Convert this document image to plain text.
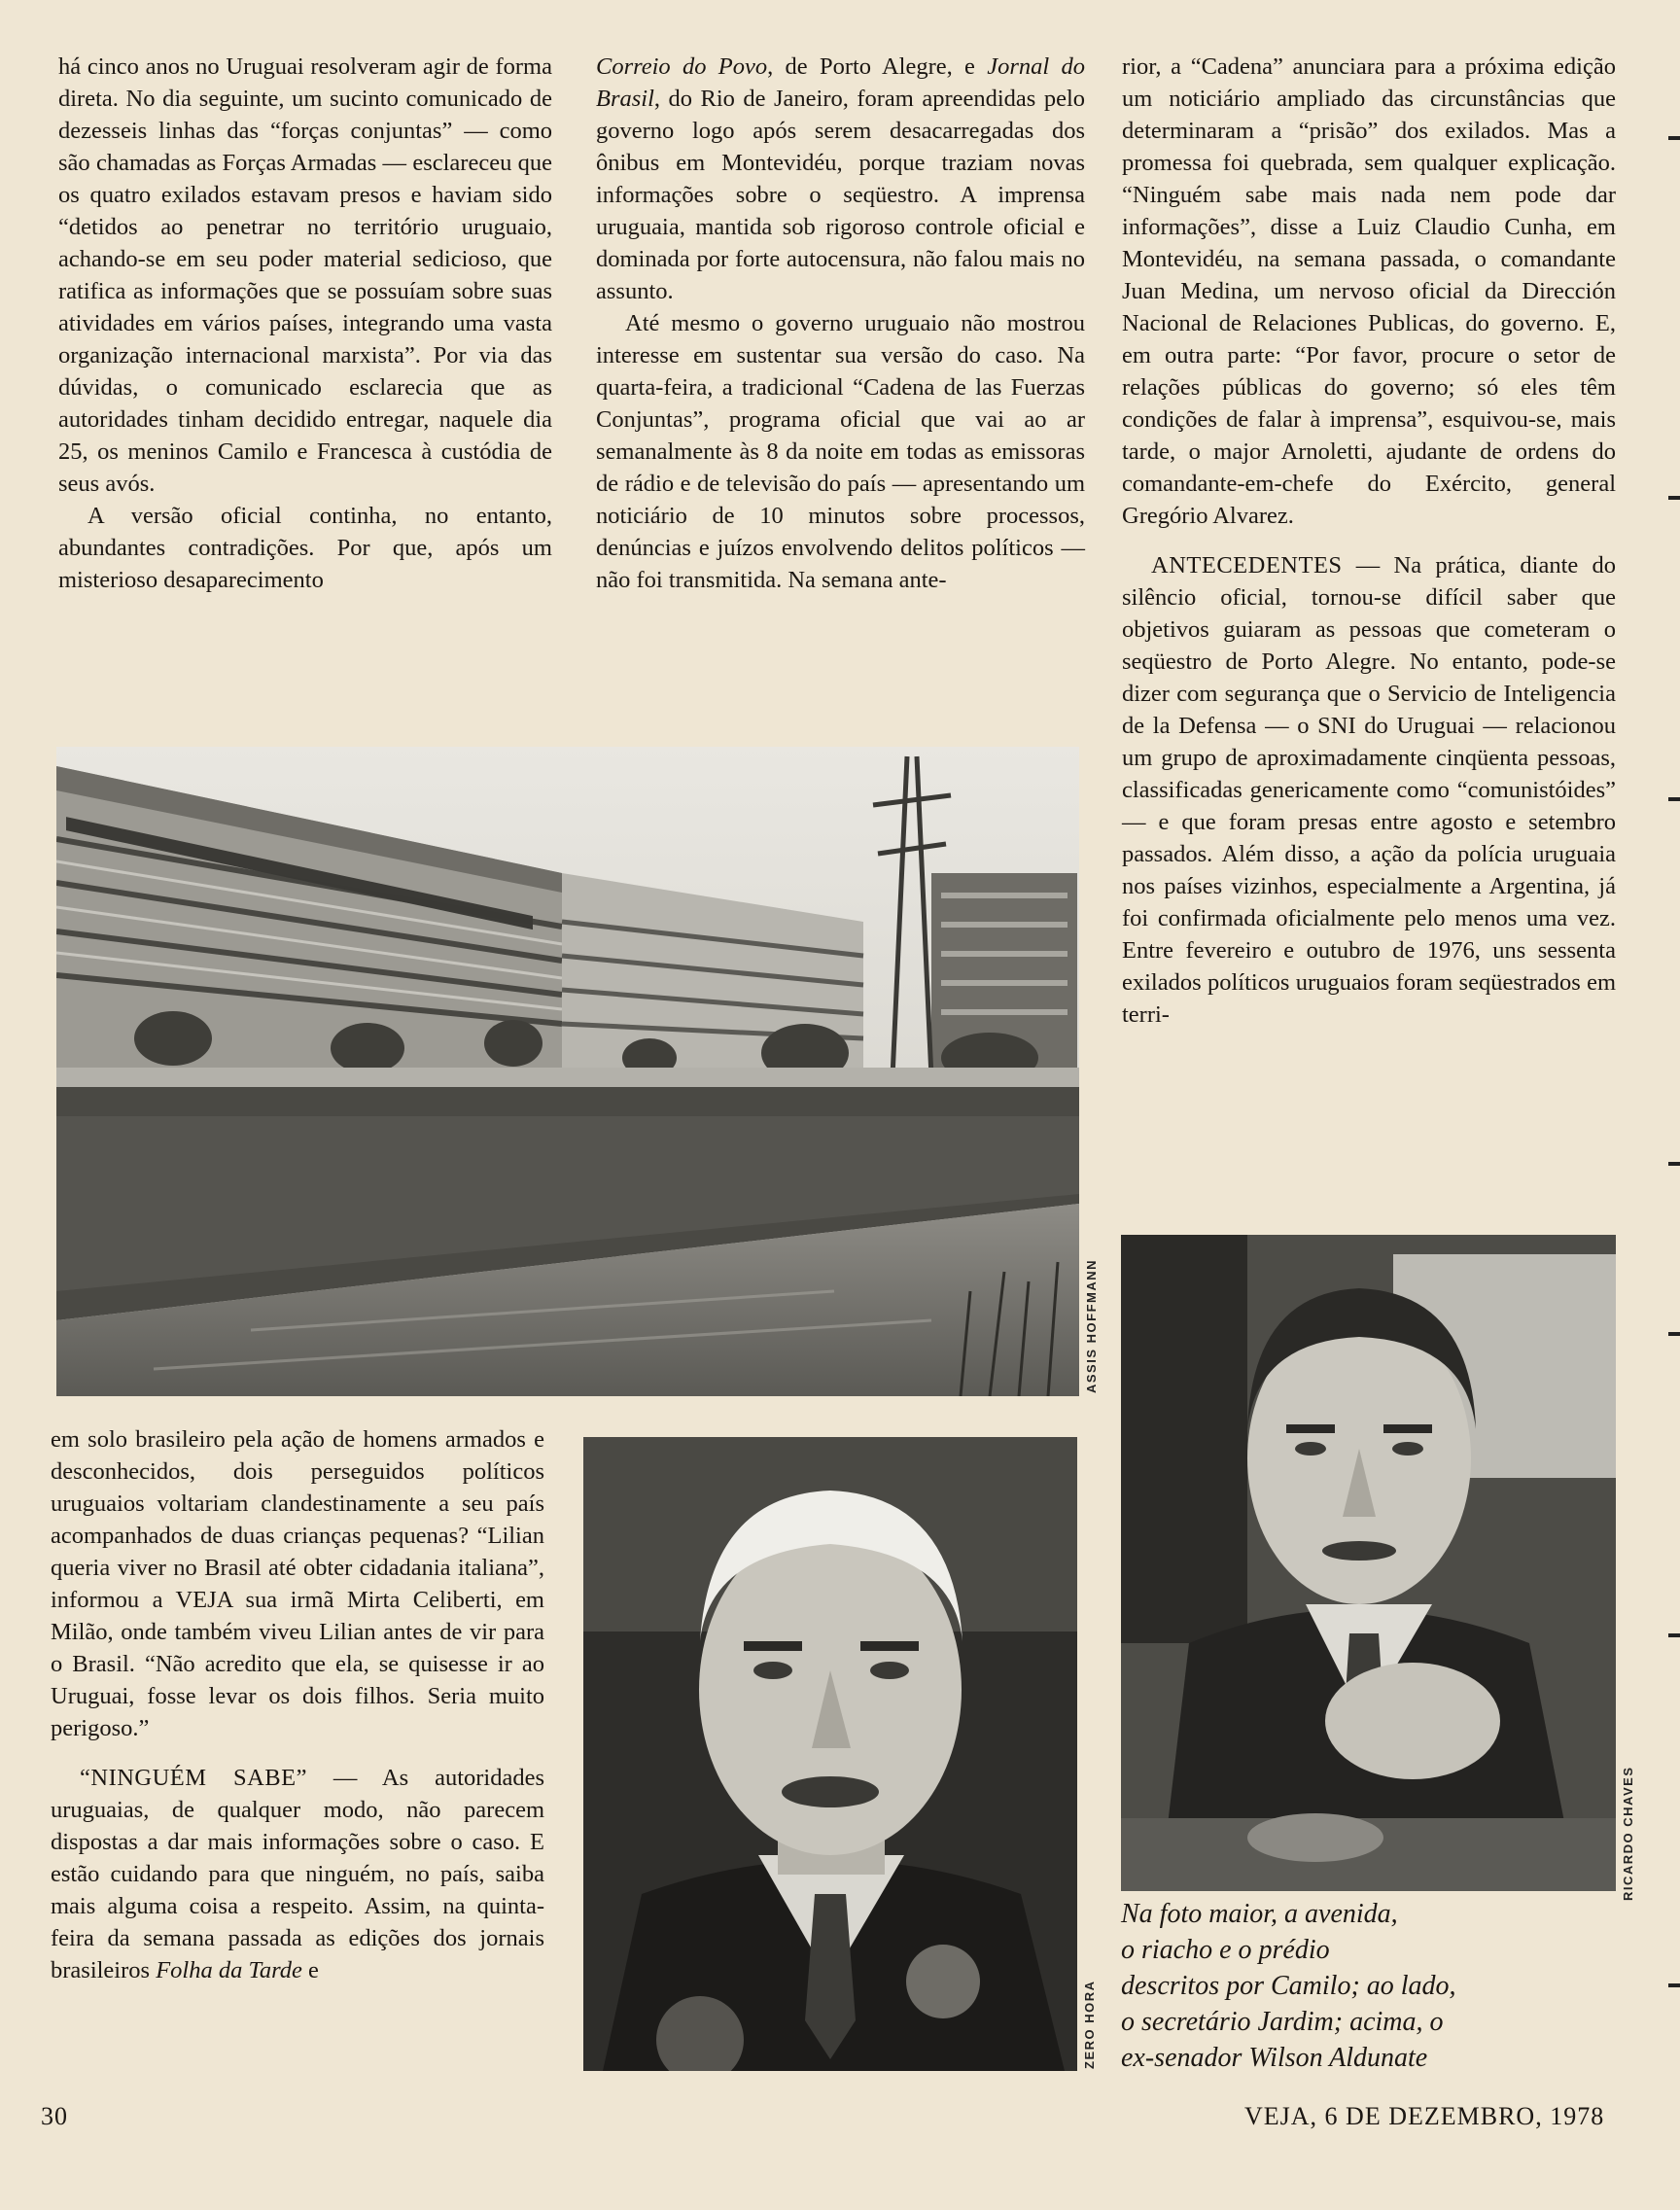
há cinco anos no Uruguai resolveram agir de forma direta. No dia seguinte, um sucinto comunicado de dezesseis linhas das “forças conjuntas” — como são chamadas as Forças Armadas — esclareceu que os quatro exilados estavam presos e haviam sido “detidos ao penetrar no território uruguaio, achando-se em seu poder material sedicioso, que ratifica as informações que se possuíam sobre suas atividades em vários países, integrando uma vasta organização internacional marxista”. Por via das dúvidas, o comunicado esclarecia que as autoridades tinham decidido entregar, naquele dia 25, os meninos Camilo e Francesca à custódia de seus avós.

A versão oficial continha, no entanto, abundantes contradições. Por que, após um misterioso desaparecimento

Correio do Povo, de Porto Alegre, e Jornal do Brasil, do Rio de Janeiro, foram apreendidas pelo governo logo após serem desacarregadas dos ônibus em Montevidéu, porque traziam novas informações sobre o seqüestro. A imprensa uruguaia, mantida sob rigoroso controle oficial e dominada por forte autocensura, não falou mais no assunto.

Até mesmo o governo uruguaio não mostrou interesse em sustentar sua versão do caso. Na quarta-feira, a tradicional “Cadena de las Fuerzas Conjuntas”, programa oficial que vai ao ar semanalmente às 8 da noite em todas as emissoras de rádio e de televisão do país — apresentando um noticiário de 10 minutos sobre processos, denúncias e juízos envolvendo delitos políticos — não foi transmitida. Na semana ante-

rior, a “Cadena” anunciara para a próxima edição um noticiário ampliado das circunstâncias que determinaram a “prisão” dos exilados. Mas a promessa foi quebrada, sem qualquer explicação. “Ninguém sabe mais nada nem pode dar informações”, disse a Luiz Claudio Cunha, em Montevidéu, na semana passada, o comandante Juan Medina, um nervoso oficial da Dirección Nacional de Relaciones Publicas, do governo. E, em outra parte: “Por favor, procure o setor de relações públicas do governo; só eles têm condições de falar à imprensa”, esquivou-se, mais tarde, o major Arnoletti, ajudante de ordens do comandante-em-chefe do Exército, general Gregório Alvarez.

ANTECEDENTES — Na prática, diante do silêncio oficial, tornou-se difícil saber que objetivos guiaram as pessoas que cometeram o seqüestro de Porto Alegre. No entanto, pode-se dizer com segurança que o Servicio de Inteligencia de la Defensa — o SNI do Uruguai — relacionou um grupo de aproximadamente cinqüenta pessoas, classificadas genericamente como “comunistóides” — e que foram presas entre agosto e setembro passados. Além disso, a ação da polícia uruguaia nos países vizinhos, especialmente a Argentina, já foi confirmada oficialmente pelo menos uma vez. Entre fevereiro e outubro de 1976, uns sessenta exilados políticos uruguaios foram seqüestrados em terri-

ASSIS HOFFMANN

em solo brasileiro pela ação de homens armados e desconhecidos, dois perseguidos políticos uruguaios voltariam clandestinamente a seu país acompanhados de duas crianças pequenas? “Lilian queria viver no Brasil até obter cidadania italiana”, informou a VEJA sua irmã Mirta Celiberti, em Milão, onde também viveu Lilian antes de vir para o Brasil. “Não acredito que ela, se quisesse ir ao Uruguai, fosse levar os dois filhos. Seria muito perigoso.”

“NINGUÉM SABE” — As autoridades uruguaias, de qualquer modo, não parecem dispostas a dar mais informações sobre o caso. E estão cuidando para que ninguém, no país, saiba mais alguma coisa a respeito. Assim, na quinta-feira da semana passada as edições dos jornais brasileiros Folha da Tarde e

ZERO HORA
RICARDO CHAVES
Na foto maior, a avenida,
o riacho e o prédio
descritos por Camilo; ao lado,
o secretário Jardim; acima, o
ex-senador Wilson Aldunate
30	VEJA, 6 DE DEZEMBRO, 1978
